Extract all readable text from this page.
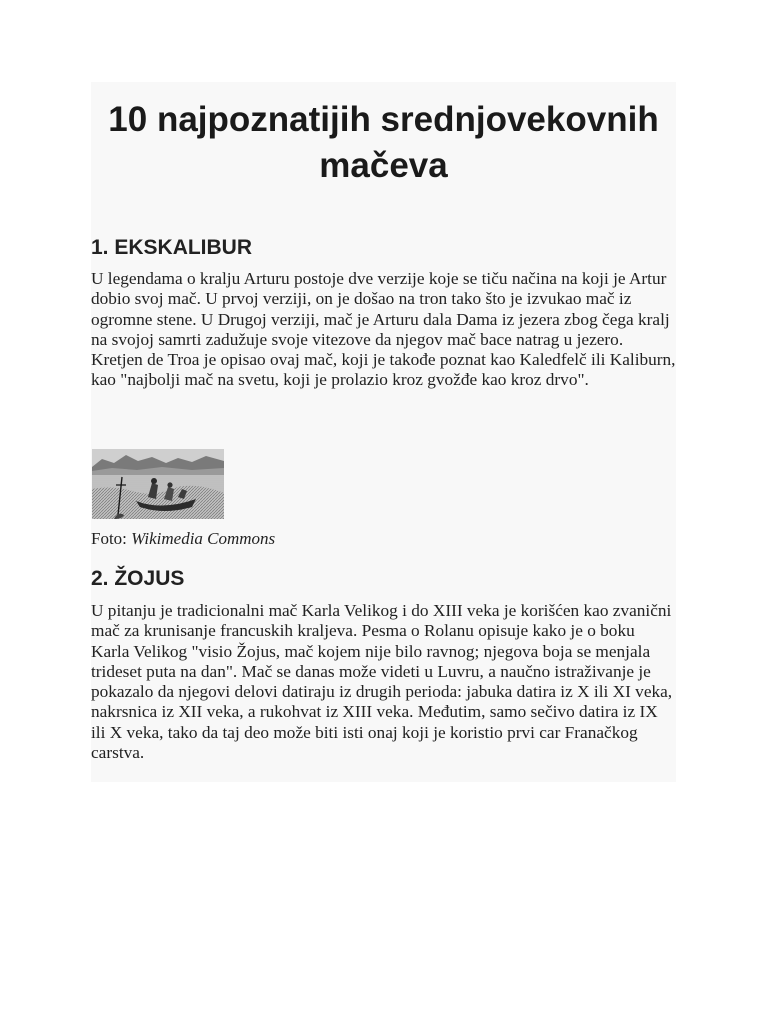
10 najpoznatijih srednjovekovnih mačeva
1. EKSKALIBUR

U legendama o kralju Arturu postoje dve verzije koje se tiču načina na koji je Artur dobio svoj mač. U prvoj verziji, on je došao na tron tako što je izvukao mač iz ogromne stene. U Drugoj verziji, mač je Arturu dala Dama iz jezera zbog čega kralj na svojoj samrti zadužuje svoje vitezove da njegov mač bace natrag u jezero. Kretjen de Troa je opisao ovaj mač, koji je takođe poznat kao Kaledfelč ili Kaliburn, kao "najbolji mač na svetu, koji je prolazio kroz gvožđe kao kroz drvo".

Foto: Wikimedia Commons

2. ŽOJUS

U pitanju je tradicionalni mač Karla Velikog i do XIII veka je korišćen kao zvanični mač za krunisanje francuskih kraljeva. Pesma o Rolanu opisuje kako je o boku Karla Velikog "visio Žojus, mač kojem nije bilo ravnog; njegova boja se menjala trideset puta na dan". Mač se danas može videti u Luvru, a naučno istraživanje je pokazalo da njegovi delovi datiraju iz drugih perioda: jabuka datira iz X ili XI veka, nakrsnica iz XII veka, a rukohvat iz XIII veka. Međutim, samo sečivo datira iz IX ili X veka, tako da taj deo može biti isti onaj koji je koristio prvi car Franačkog carstva.
